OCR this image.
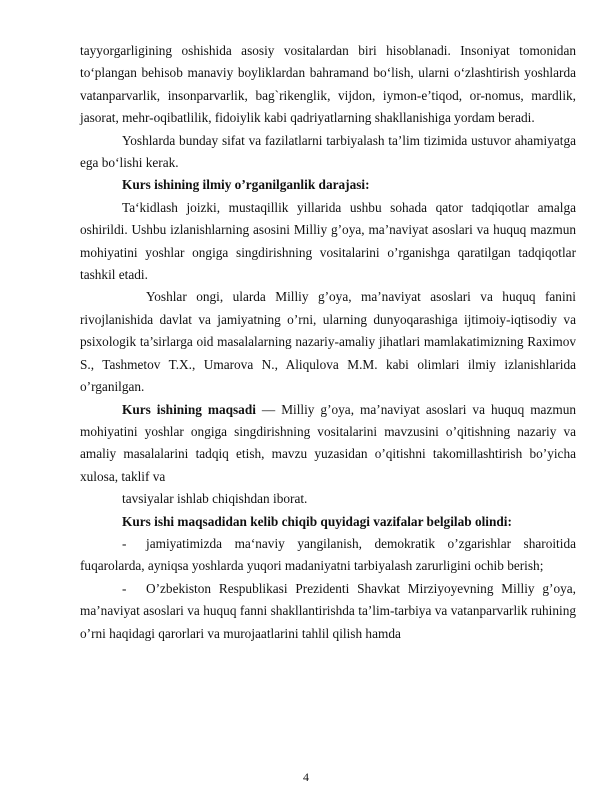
tayyorgarligining oshishida asosiy vositalardan biri hisoblanadi. Insoniyat tomonidan to‘plangan behisob manaviy boyliklardan bahramand bo‘lish, ularni o‘zlashtirish yoshlarda vatanparvarlik, insonparvarlik, bag`rikenglik, vijdon, iymon-e’tiqod, or-nomus, mardlik, jasorat, mehr-oqibatlilik, fidoiylik kabi qadriyatlarning shakllanishiga yordam beradi.

Yoshlarda bunday sifat va fazilatlarni tarbiyalash ta’lim tizimida ustuvor ahamiyatga ega bo‘lishi kerak.

Kurs ishining ilmiy o’rganilganlik darajasi:

Ta‘kidlash joizki, mustaqillik yillarida ushbu sohada qator tadqiqotlar amalga oshirildi. Ushbu izlanishlarning asosini Milliy g’oya, ma’naviyat asoslari va huquq mazmun mohiyatini yoshlar ongiga singdirishning vositalarini o’rganishga qaratilgan tadqiqotlar tashkil etadi.

Yoshlar ongi, ularda Milliy g’oya, ma’naviyat asoslari va huquq fanini rivojlanishida davlat va jamiyatning o’rni, ularning dunyoqarashiga ijtimoiy-iqtisodiy va psixologik ta’sirlarga oid masalalarning nazariy-amaliy jihatlari mamlakatimizning Raximov S., Tashmetov T.X., Umarova N., Aliqulova M.M. kabi olimlari ilmiy izlanishlarida o’rganilgan.

Kurs ishining maqsadi — Milliy g’oya, ma’naviyat asoslari va huquq mazmun mohiyatini yoshlar ongiga singdirishning vositalarini mavzusini o’qitishning nazariy va amaliy masalalarini tadqiq etish, mavzu yuzasidan o’qitishni takomillashtirish bo’yicha xulosa, taklif va

tavsiyalar ishlab chiqishdan iborat.

Kurs ishi maqsadidan kelib chiqib quyidagi vazifalar belgilab olindi:

- jamiyatimizda ma‘naviy yangilanish, demokratik o’zgarishlar sharoitida fuqarolarda, ayniqsa yoshlarda yuqori madaniyatni tarbiyalash zarurligini ochib berish;

- O’zbekiston Respublikasi Prezidenti Shavkat Mirziyoyevning Milliy g’oya, ma’naviyat asoslari va huquq fanni shakllantirishda ta’lim-tarbiya va vatanparvarlik ruhining o’rni haqidagi qarorlari va murojaatlarini tahlil qilish hamda

4
